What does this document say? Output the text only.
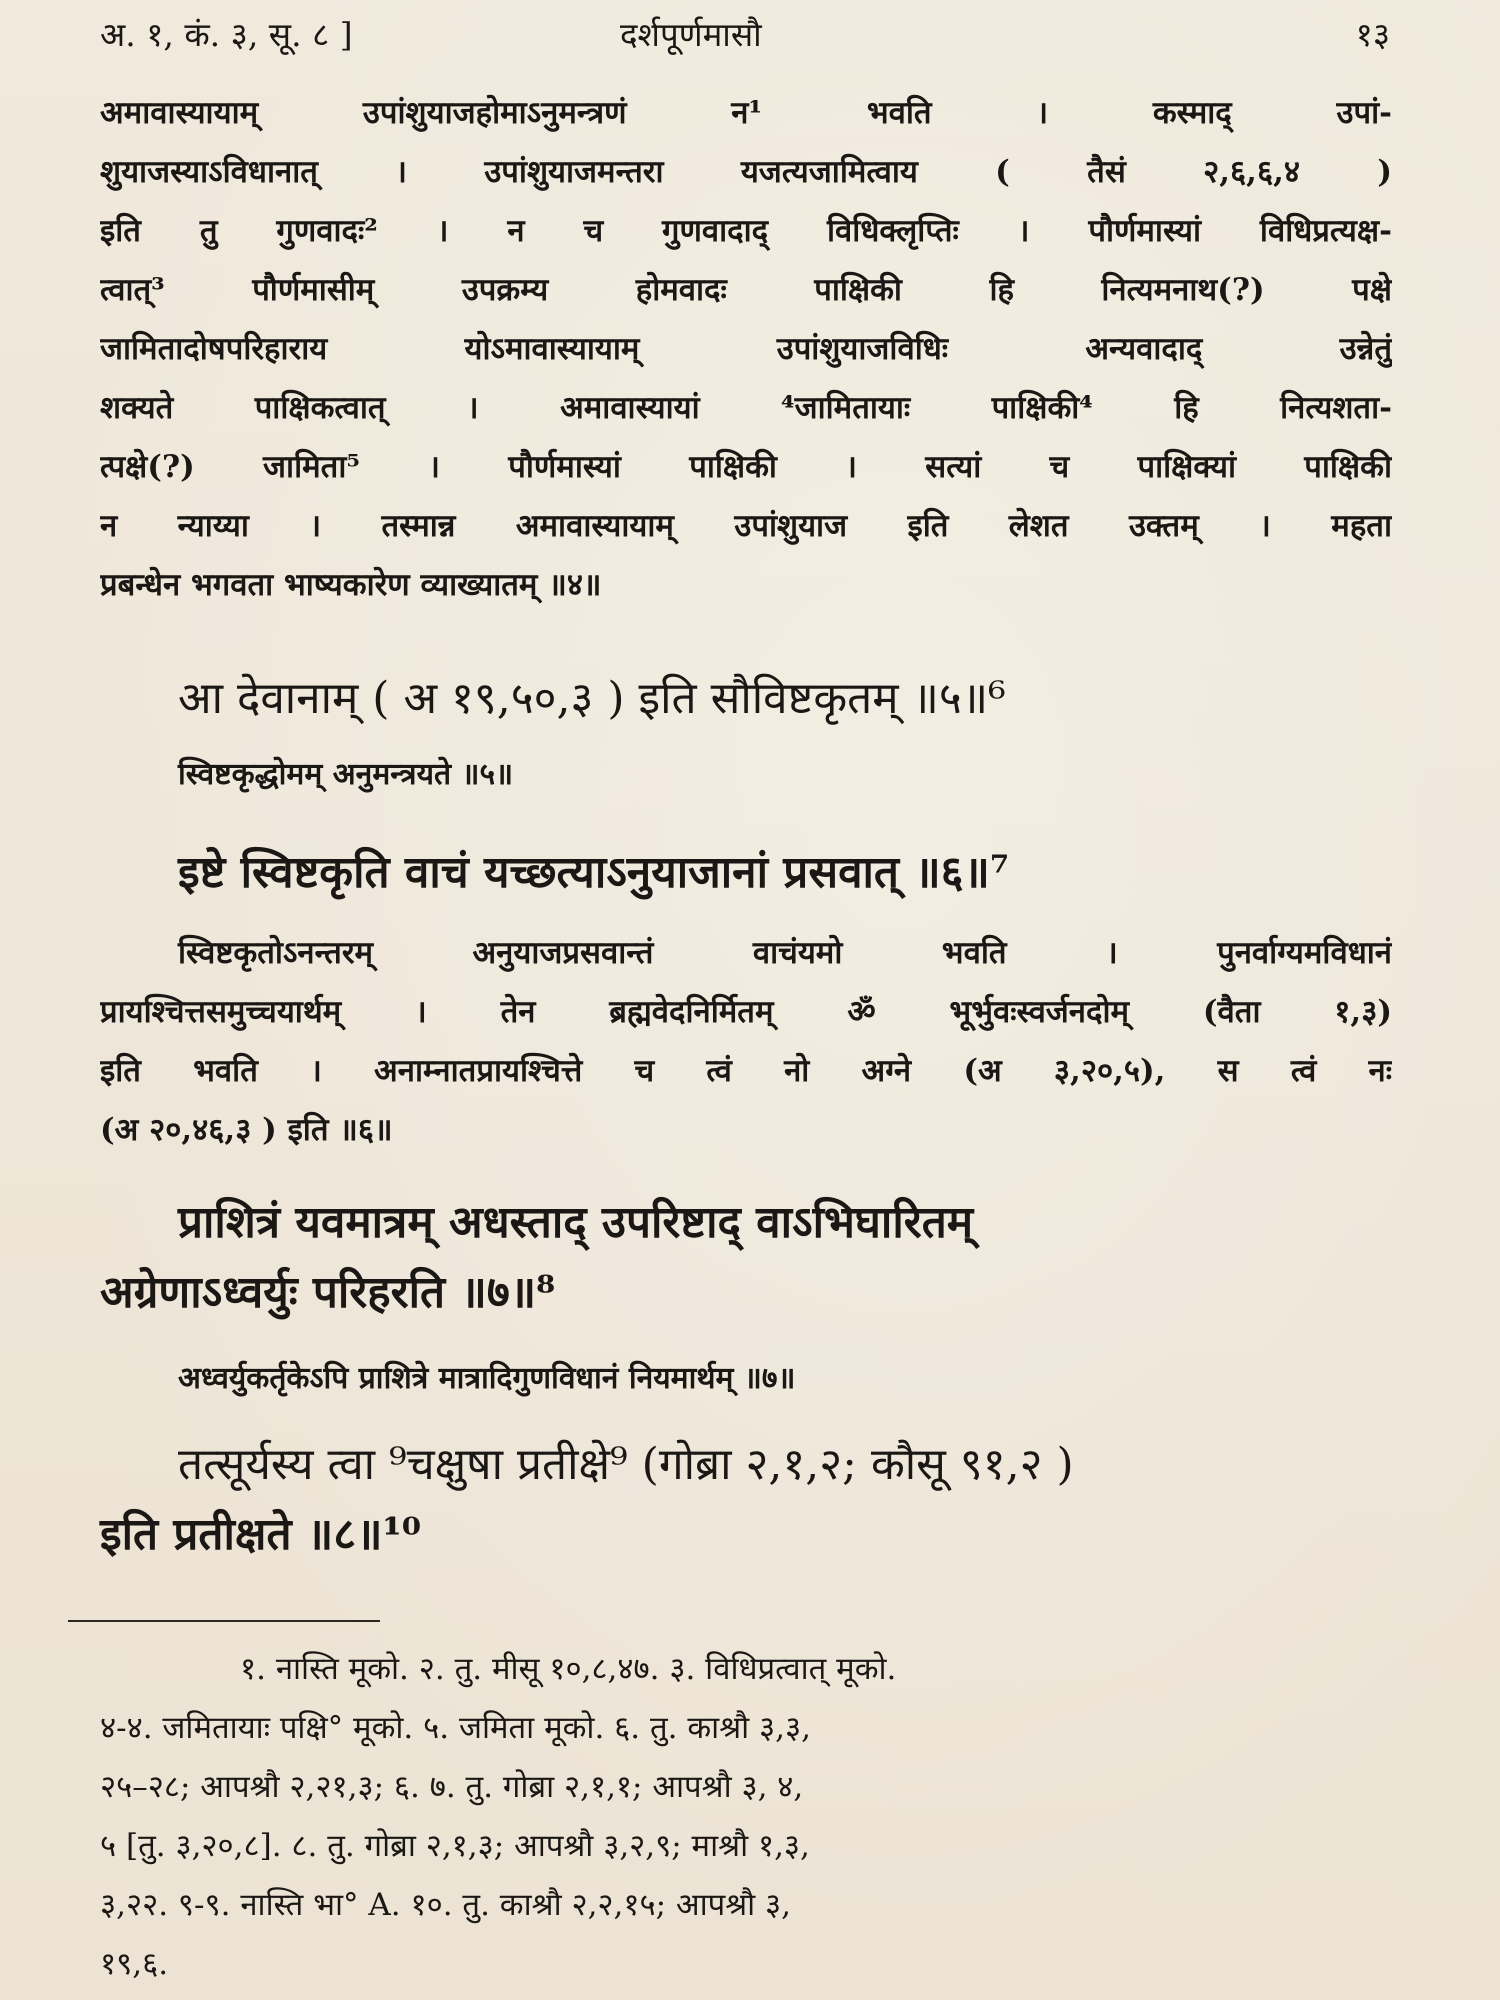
अ. १, कं. ३, सू. ८ ]	दर्शपूर्णमासौ	१३
अमावास्यायाम् उपांशुयाजहोमाऽनुमन्त्रणं न¹ भवति । कस्माद् उपां-
शुयाजस्याऽविधानात् । उपांशुयाजमन्तरा यजत्यजामित्वाय ( तैसं २,६,६,४ )
इति तु गुणवादः² । न च गुणवादाद् विधिक्लृप्तिः । पौर्णमास्यां विधिप्रत्यक्ष-
त्वात्³ पौर्णमासीम् उपक्रम्य होमवादः पाक्षिकी हि नित्यमनाथ(?) पक्षे
जामितादोषपरिहाराय योऽमावास्यायाम् उपांशुयाजविधिः अन्यवादाद् उन्नेतुं
शक्यते पाक्षिकत्वात् । अमावास्यायां ⁴जामितायाः पाक्षिकी⁴ हि नित्यशता-
त्पक्षे(?) जामिता⁵ । पौर्णमास्यां पाक्षिकी । सत्यां च पाक्षिक्यां पाक्षिकी
न न्याय्या । तस्मान्न अमावास्यायाम् उपांशुयाज इति लेशत उक्तम् । महता
प्रबन्धेन भगवता भाष्यकारेण व्याख्यातम् ॥४॥
आ देवानाम् ( अ १९,५०,३ ) इति सौविष्टकृतम् ॥५॥⁶
स्विष्टकृद्धोमम् अनुमन्त्रयते ॥५॥
इष्टे स्विष्टकृति वाचं यच्छत्याऽनुयाजानां प्रसवात् ॥६॥⁷
स्विष्टकृतोऽनन्तरम् अनुयाजप्रसवान्तं वाचंयमो भवति । पुनर्वाग्यमविधानं
प्रायश्चित्तसमुच्चयार्थम् । तेन ब्रह्मवेदनिर्मितम् ॐ भूर्भुवःस्वर्जनदोम् (वैता १,३)
इति भवति । अनाम्नातप्रायश्चित्ते च त्वं नो अग्ने (अ ३,२०,५), स त्वं नः
(अ २०,४६,३ ) इति ॥६॥
प्राशित्रं यवमात्रम् अधस्ताद् उपरिष्टाद् वाऽभिघारितम्
अग्रेणाऽध्वर्युः परिहरति ॥७॥⁸
अध्वर्युकर्तृकेऽपि प्राशित्रे मात्रादिगुणविधानं नियमार्थम् ॥७॥
तत्सूर्यस्य त्वा ⁹चक्षुषा प्रतीक्षे⁹ (गोब्रा २,१,२; कौसू ९१,२ )
इति प्रतीक्षते ॥८॥¹⁰
१. नास्ति मूको. २. तु. मीसू १०,८,४७. ३. विधिप्रत्वात् मूको.
४-४. जमितायाः पक्षि° मूको. ५. जमिता मूको. ६. तु. काश्रौ ३,३,
२५–२८; आपश्रौ २,२१,३; ६. ७. तु. गोब्रा २,१,१; आपश्रौ ३, ४,
५ [तु. ३,२०,८]. ८. तु. गोब्रा २,१,३; आपश्रौ ३,२,९; माश्रौ १,३,
३,२२. ९-९. नास्ति भा° A. १०. तु. काश्रौ २,२,१५; आपश्रौ ३,
१९,६.
